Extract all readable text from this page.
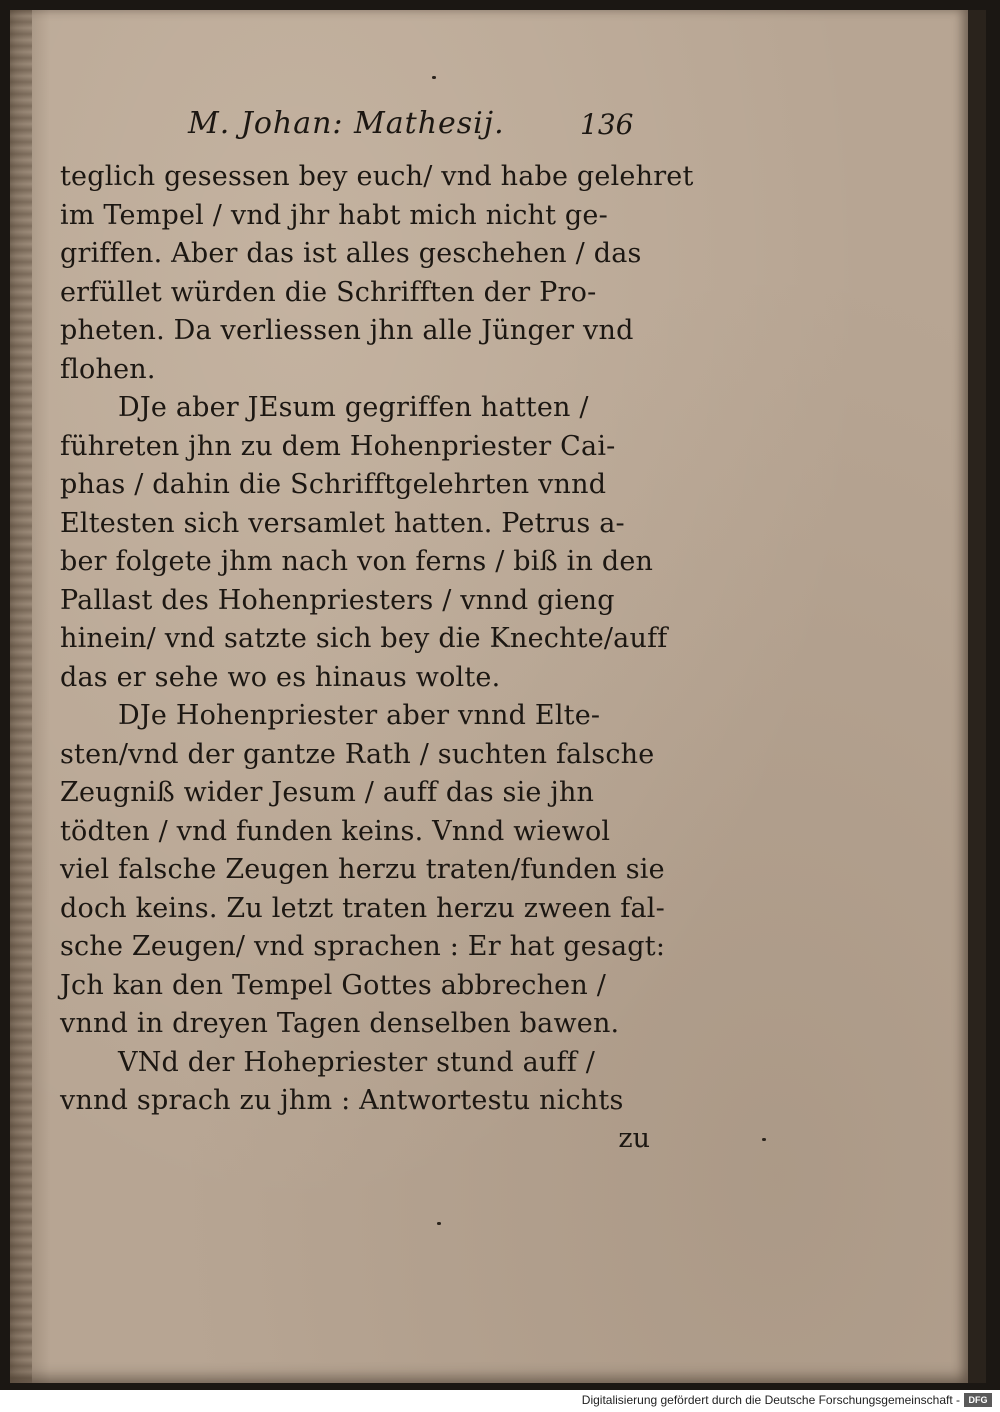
M. Johan: Mathesij.	136
teglich gesessen bey euch/ vnd habe gelehret
im Tempel / vnd jhr habt mich nicht ge-
griffen. Aber das ist alles geschehen / das
erfüllet würden die Schrifften der Pro-
pheten. Da verliessen jhn alle Jünger vnd
flohen.
DJe aber JEsum gegriffen hatten /
führeten jhn zu dem Hohenpriester Cai-
phas / dahin die Schrifftgelehrten vnnd
Eltesten sich versamlet hatten. Petrus a-
ber folgete jhm nach von ferns / biß in den
Pallast des Hohenpriesters / vnnd gieng
hinein/ vnd satzte sich bey die Knechte/auff
das er sehe wo es hinaus wolte.
DJe Hohenpriester aber vnnd Elte-
sten/vnd der gantze Rath / suchten falsche
Zeugniß wider Jesum / auff das sie jhn
tödten / vnd funden keins. Vnnd wiewol
viel falsche Zeugen herzu traten/funden sie
doch keins. Zu letzt traten herzu zween fal-
sche Zeugen/ vnd sprachen : Er hat gesagt:
Jch kan den Tempel Gottes abbrechen /
vnnd in dreyen Tagen denselben bawen.
VNd der Hohepriester stund auff /
vnnd sprach zu jhm : Antwortestu nichts
zu
Digitalisierung gefördert durch die Deutsche Forschungsgemeinschaft - DFG
